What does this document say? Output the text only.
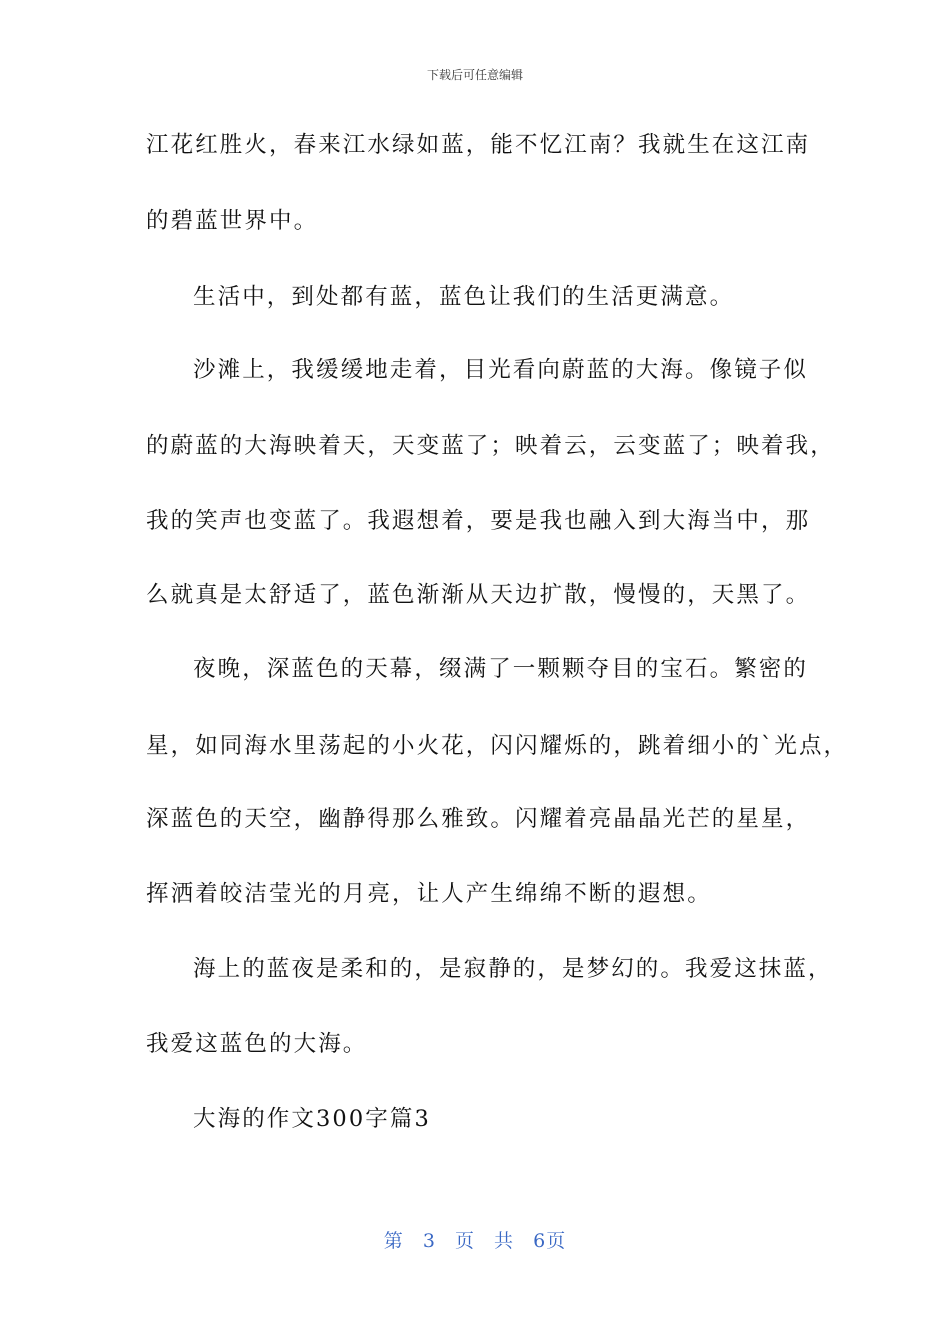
下载后可任意编辑
江花红胜火，春来江水绿如蓝，能不忆江南？我就生在这江南
的碧蓝世界中。
生活中，到处都有蓝，蓝色让我们的生活更满意。
沙滩上，我缓缓地走着，目光看向蔚蓝的大海。像镜子似
的蔚蓝的大海映着天，天变蓝了；映着云，云变蓝了；映着我，
我的笑声也变蓝了。我遐想着，要是我也融入到大海当中，那
么就真是太舒适了，蓝色渐渐从天边扩散，慢慢的，天黑了。
夜晚，深蓝色的天幕，缀满了一颗颗夺目的宝石。繁密的
星，如同海水里荡起的小火花，闪闪耀烁的，跳着细小的`光点，
深蓝色的天空，幽静得那么雅致。闪耀着亮晶晶光芒的星星，
挥洒着皎洁莹光的月亮，让人产生绵绵不断的遐想。
海上的蓝夜是柔和的，是寂静的，是梦幻的。我爱这抹蓝，
我爱这蓝色的大海。
大海的作文300字篇3
第 3 页 共 6页
